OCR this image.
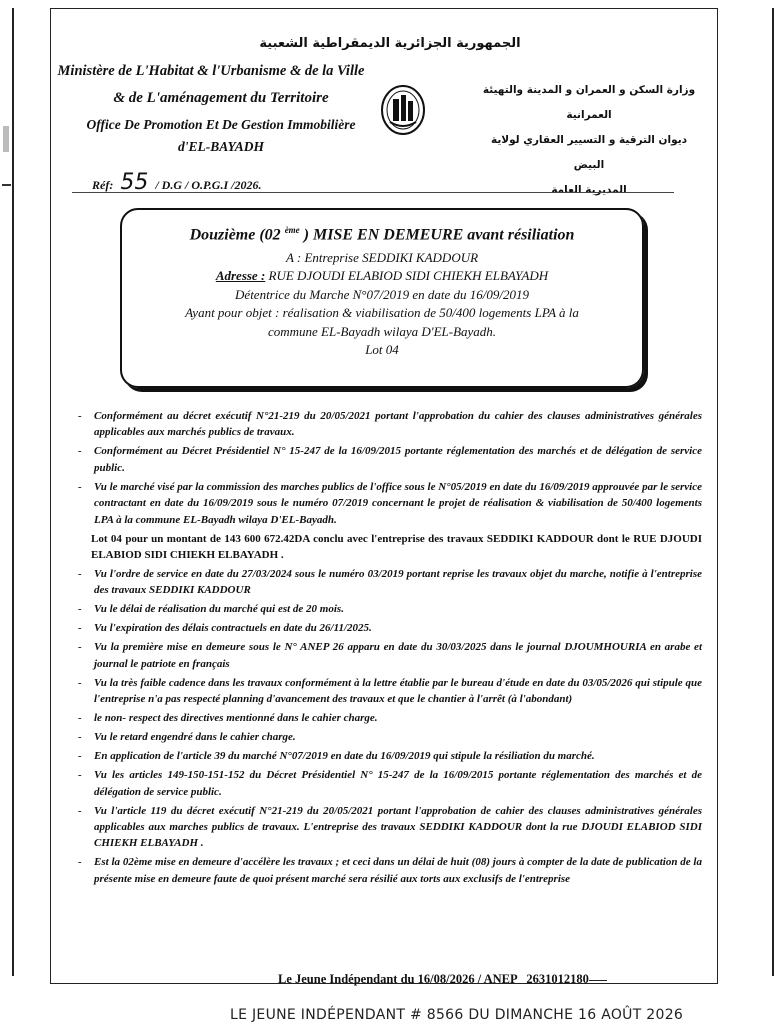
الجمهورية الجزائرية الديمقراطية الشعبية
Ministère de L'Habitat & l'Urbanisme & de la Ville
& de L'aménagement du Territoire
Office De Promotion Et De Gestion Immobilière
d'EL-BAYADH
وزارة السكن و العمران و المدينة والتهيئة العمرانية
ديوان الترقية و التسيير العقاري لولاية البيض
المديرية العامة
Réf: 55 / D.G / O.P.G.I /2026.
Douzième (02 $^{ème}$ ) MISE EN DEMEURE avant résiliation
A : Entreprise SEDDIKI KADDOUR
Adresse : RUE DJOUDI ELABIOD SIDI CHIEKH ELBAYADH
Détentrice du Marche N°07/2019 en date du 16/09/2019
Ayant pour objet : réalisation & viabilisation de 50/400 logements LPA à la
commune EL-Bayadh wilaya D'EL-Bayadh.
Lot 04
- Conformément au décret exécutif N°21-219 du 20/05/2021 portant l'approbation du cahier des clauses administratives générales applicables aux marchés publics de travaux.
- Conformément au Décret Présidentiel N° 15-247 de la 16/09/2015 portante réglementation des marchés et de délégation de service public.
- Vu le marché visé par la commission des marches publics de l'office sous le N°05/2019 en date du 16/09/2019 approuvée par le service contractant en date du 16/09/2019 sous le numéro 07/2019 concernant le projet de réalisation & viabilisation de 50/400 logements LPA à la commune EL-Bayadh wilaya D'EL-Bayadh.
Lot 04 pour un montant de 143 600 672.42DA conclu avec l'entreprise des travaux SEDDIKI KADDOUR dont le RUE DJOUDI ELABIOD SIDI CHIEKH ELBAYADH .
- Vu l'ordre de service en date du 27/03/2024 sous le numéro 03/2019 portant reprise les travaux objet du marche, notifie à l'entreprise des travaux SEDDIKI KADDOUR
- Vu le délai de réalisation du marché qui est de 20 mois.
- Vu l'expiration des délais contractuels en date du 26/11/2025.
- Vu la première mise en demeure sous le N° ANEP 26 apparu en date du 30/03/2025 dans le journal DJOUMHOURIA en arabe et journal le patriote en français
- Vu la très faible cadence dans les travaux conformément à la lettre établie par le bureau d'étude en date du 03/05/2026 qui stipule que l'entreprise n'a pas respecté planning d'avancement des travaux et que le chantier à l'arrêt (à l'abondant)
- le non- respect des directives mentionné dans le cahier charge.
- Vu le retard engendré dans le cahier charge.
- En application de l'article 39 du marché N°07/2019 en date du 16/09/2019 qui stipule la résiliation du marché.
- Vu les articles 149-150-151-152 du Décret Présidentiel N° 15-247 de la 16/09/2015 portante réglementation des marchés et de délégation de service public.
- Vu l'article 119 du décret exécutif N°21-219 du 20/05/2021 portant l'approbation de cahier des clauses administratives générales applicables aux marches publics de travaux. L'entreprise des travaux SEDDIKI KADDOUR dont la rue DJOUDI ELABIOD SIDI CHIEKH ELBAYADH .
- Est la 02ème mise en demeure d'accélère les travaux ; et ceci dans un délai de huit (08) jours à compter de la date de publication de la présente mise en demeure faute de quoi présent marché sera résilié aux torts aux exclusifs de l'entreprise
Le Jeune Indépendant du 16/08/2026 / ANEP 2631012180
LE JEUNE INDÉPENDANT # 8566 DU DIMANCHE 16 AOÛT 2026
